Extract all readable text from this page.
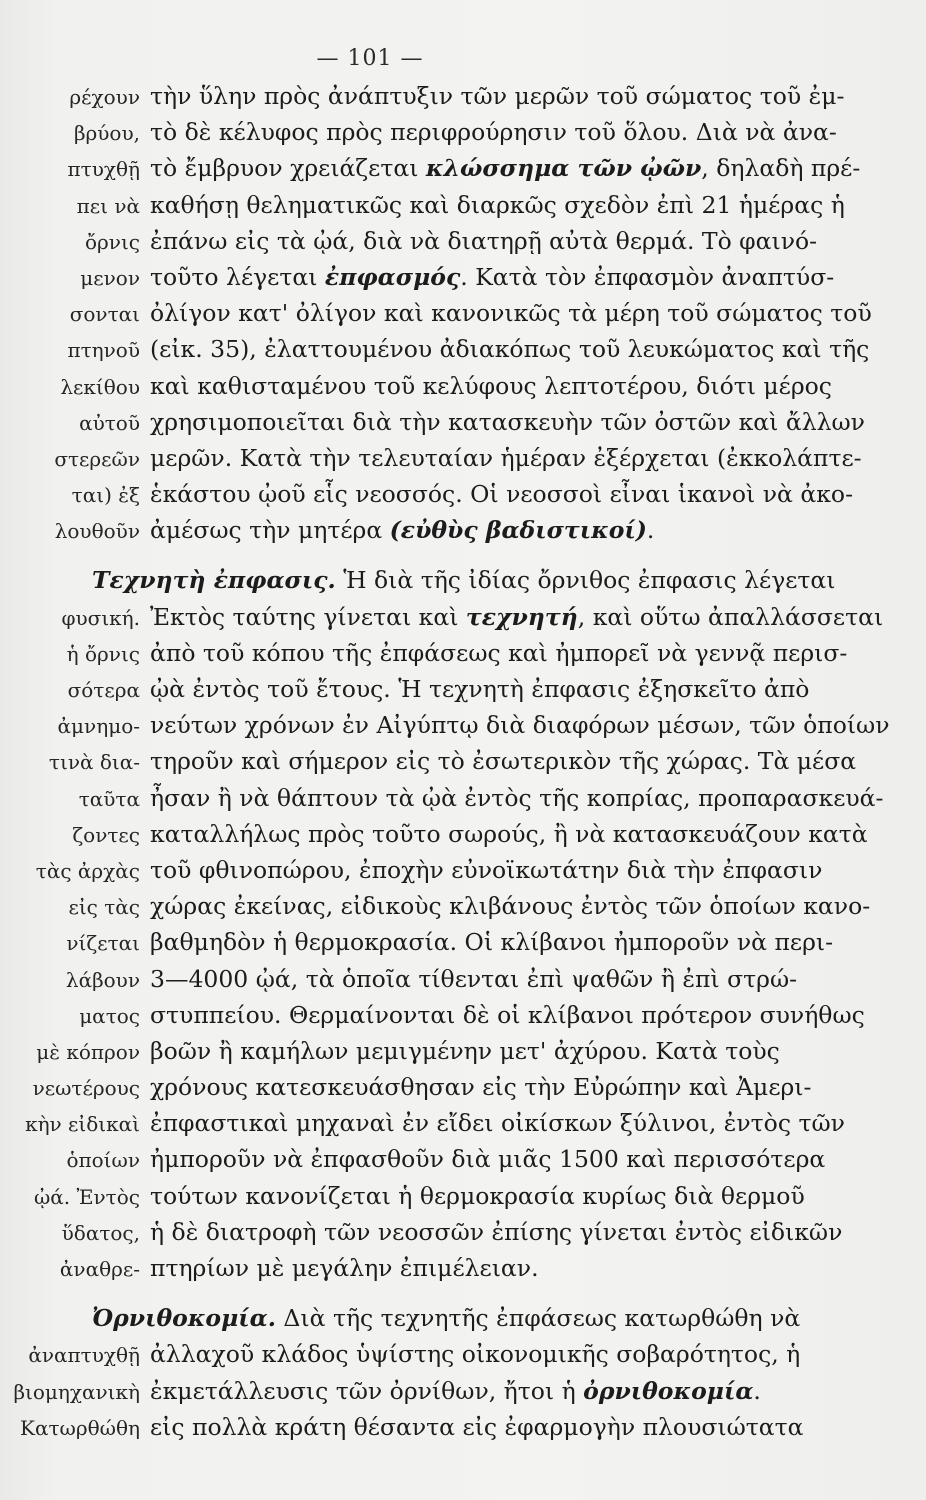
— 101 —
ρέχουν τὴν ὕλην πρὸς ἀνάπτυξιν τῶν μερῶν τοῦ σώματος τοῦ ἐμ-
βρύου, τὸ δὲ κέλυφος πρὸς περιφρούρησιν τοῦ ὅλου. Διὰ νὰ ἀνα-
πτυχθῇ τὸ ἔμβρυον χρειάζεται κλώσσημα τῶν ᾠῶν, δηλαδὴ πρέ-
πει νὰ καθήσῃ θεληματικῶς καὶ διαρκῶς σχεδὸν ἐπὶ 21 ἡμέρας ἡ
ὄρνις ἐπάνω εἰς τὰ ᾠά, διὰ νὰ διατηρῇ αὐτὰ θερμά. Τὸ φαινό-
μενον τοῦτο λέγεται ἐπφασμός. Κατὰ τὸν ἐπφασμὸν ἀναπτύσ-
σονται ὀλίγον κατ' ὀλίγον καὶ κανονικῶς τὰ μέρη τοῦ σώματος τοῦ
πτηνοῦ (εἰκ. 35), ἐλαττουμένου ἀδιακόπως τοῦ λευκώματος καὶ τῆς
λεκίθου καὶ καθισταμένου τοῦ κελύφους λεπτοτέρου, διότι μέρος
αὐτοῦ χρησιμοποιεῖται διὰ τὴν κατασκευὴν τῶν ὀστῶν καὶ ἄλλων
στερεῶν μερῶν. Κατὰ τὴν τελευταίαν ἡμέραν ἐξέρχεται (ἐκκολάπτε-
ται) ἐξ ἑκάστου ᾠοῦ εἷς νεοσσός. Οἱ νεοσσοὶ εἶναι ἱκανοὶ νὰ ἀκο-
λουθοῦν ἀμέσως τὴν μητέρα (εὐθὺς βαδιστικοί).
Τεχνητὴ ἐπφασις. Ἡ διὰ τῆς ἰδίας ὄρνιθος ἐπφασις λέγεται
φυσική. Ἐκτὸς ταύτης γίνεται καὶ τεχνητή, καὶ οὕτω ἀπαλλάσσεται
ἡ ὄρνις ἀπὸ τοῦ κόπου τῆς ἐπφάσεως καὶ ἠμπορεῖ νὰ γεννᾷ περισ-
σότερα ᾠὰ ἐντὸς τοῦ ἔτους. Ἡ τεχνητὴ ἐπφασις ἐξησκεῖτο ἀπὸ
ἀμνημο- νεύτων χρόνων ἐν Αἰγύπτῳ διὰ διαφόρων μέσων, τῶν ὁποίων
τινὰ δια- τηροῦν καὶ σήμερον εἰς τὸ ἐσωτερικὸν τῆς χώρας. Τὰ μέσα
ταῦτα ἦσαν ἢ νὰ θάπτουν τὰ ᾠὰ ἐντὸς τῆς κοπρίας, προπαρασκευά-
ζοντες καταλλήλως πρὸς τοῦτο σωρούς, ἢ νὰ κατασκευάζουν κατὰ
τὰς ἀρχὰς τοῦ φθινοπώρου, ἐποχὴν εὐνοϊκωτάτην διὰ τὴν ἐπφασιν
εἰς τὰς χώρας ἐκείνας, εἰδικοὺς κλιβάνους ἐντὸς τῶν ὁποίων κανο-
νίζεται βαθμηδὸν ἡ θερμοκρασία. Οἱ κλίβανοι ἠμποροῦν νὰ περι-
λάβουν 3—4000 ᾠά, τὰ ὁποῖα τίθενται ἐπὶ ψαθῶν ἢ ἐπὶ στρώ-
ματος στυππείου. Θερμαίνονται δὲ οἱ κλίβανοι πρότερον συνήθως
μὲ κόπρον βοῶν ἢ καμήλων μεμιγμένην μετ' ἀχύρου. Κατὰ τοὺς
νεωτέρους χρόνους κατεσκευάσθησαν εἰς τὴν Εὐρώπην καὶ Ἀμερι-
κὴν εἰδικαὶ ἐπφαστικαὶ μηχαναὶ ἐν εἴδει οἰκίσκων ξύλινοι, ἐντὸς τῶν
ὁποίων ἠμποροῦν νὰ ἐπφασθοῦν διὰ μιᾶς 1500 καὶ περισσότερα
ᾠά. Ἐντὸς τούτων κανονίζεται ἡ θερμοκρασία κυρίως διὰ θερμοῦ
ὕδατος, ἡ δὲ διατροφὴ τῶν νεοσσῶν ἐπίσης γίνεται ἐντὸς εἰδικῶν
ἀναθρε- πτηρίων μὲ μεγάλην ἐπιμέλειαν.
Ὀρνιθοκομία. Διὰ τῆς τεχνητῆς ἐπφάσεως κατωρθώθη νὰ
ἀναπτυχθῇ ἀλλαχοῦ κλάδος ὑψίστης οἰκονομικῆς σοβαρότητος, ἡ
βιομηχανικὴ ἐκμετάλλευσις τῶν ὀρνίθων, ἤτοι ἡ ὀρνιθοκομία.
Κατωρθώθη εἰς πολλὰ κράτη θέσαντα εἰς ἐφαρμογὴν πλουσιώτατα
